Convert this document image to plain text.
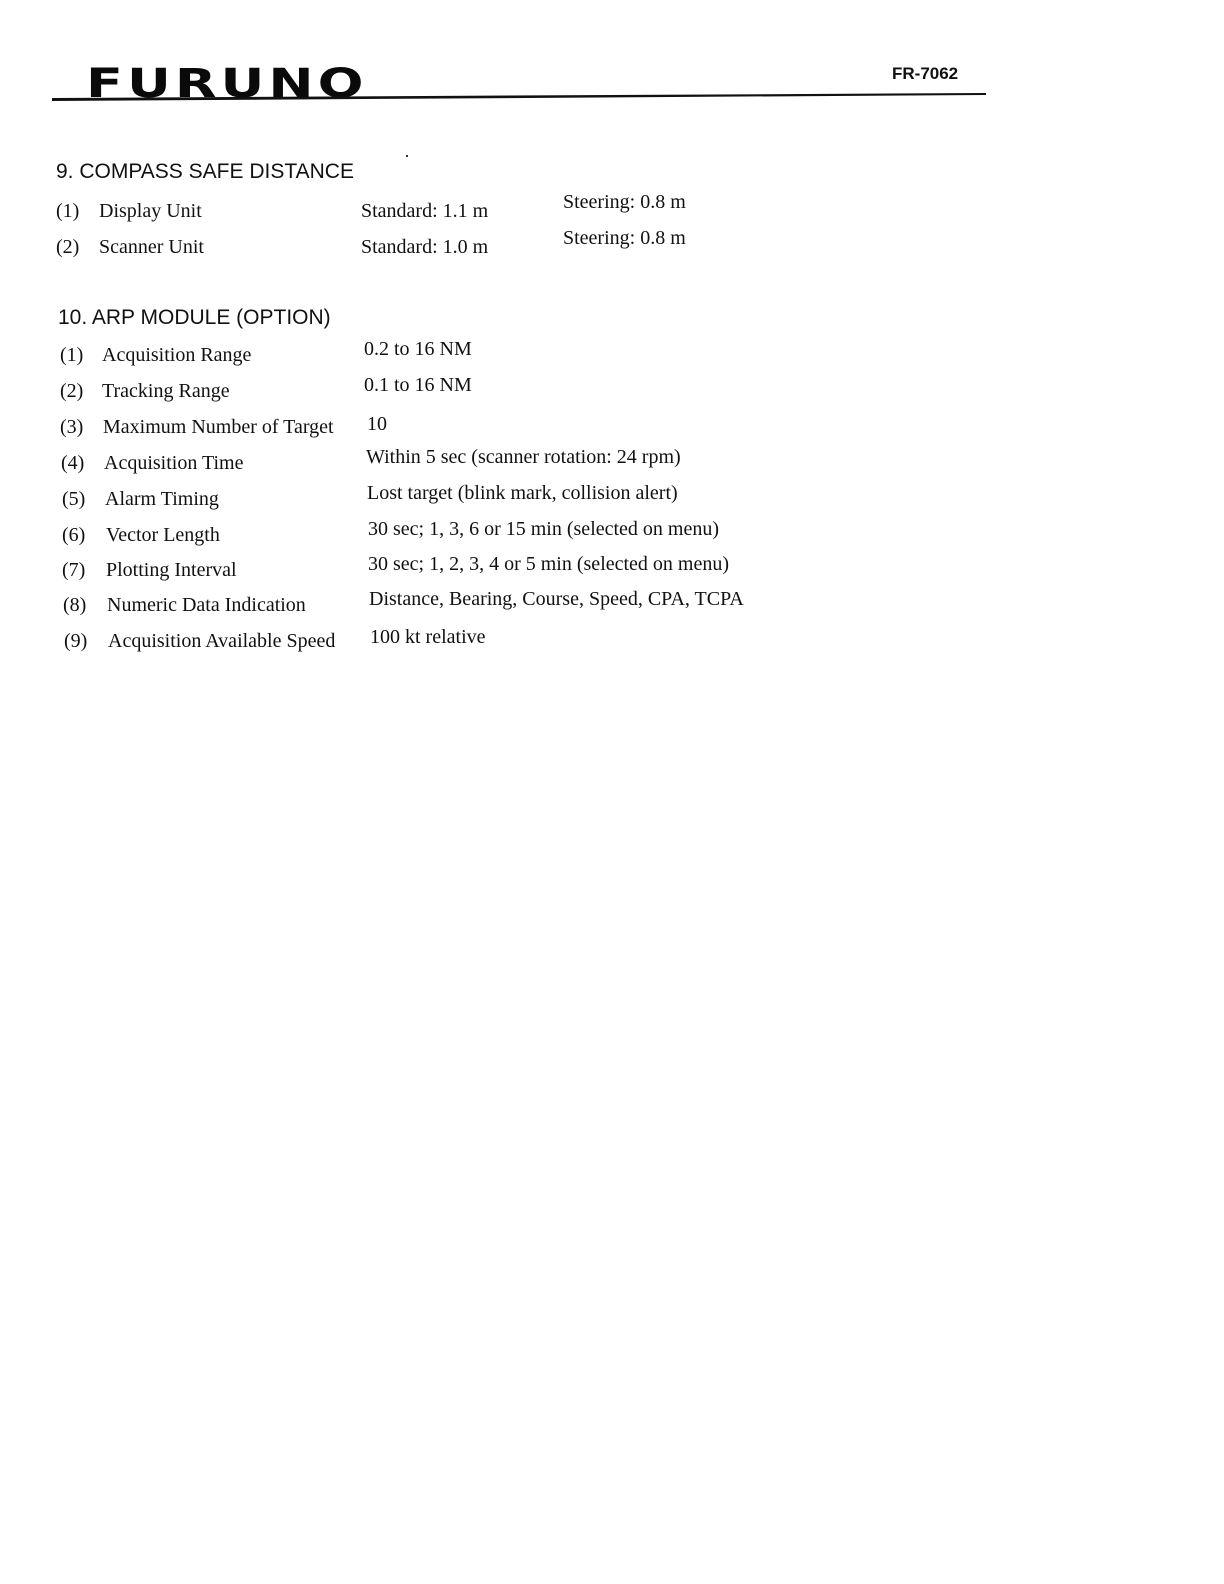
FURUNO	FR-7062
9. COMPASS SAFE DISTANCE
(1) Display Unit	Standard: 1.1 m	Steering: 0.8 m
(2) Scanner Unit	Standard: 1.0 m	Steering: 0.8 m
10. ARP MODULE (OPTION)
(1) Acquisition Range	0.2 to 16 NM
(2) Tracking Range	0.1 to 16 NM
(3) Maximum Number of Target 10
(4) Acquisition Time	Within 5 sec (scanner rotation: 24 rpm)
(5) Alarm Timing	Lost target (blink mark, collision alert)
(6) Vector Length	30 sec; 1, 3, 6 or 15 min (selected on menu)
(7) Plotting Interval	30 sec; 1, 2, 3, 4 or 5 min (selected on menu)
(8) Numeric Data Indication	Distance, Bearing, Course, Speed, CPA, TCPA
(9) Acquisition Available Speed 100 kt relative
